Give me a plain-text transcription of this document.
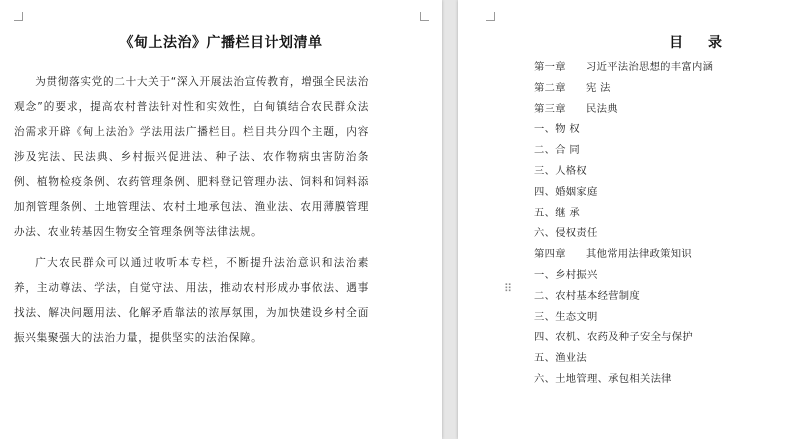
《甸上法治》广播栏目计划清单

为贯彻落实党的二十大关于“深入开展法治宣传教育，增强全民法治观念”的要求，提高农村普法针对性和实效性，白甸镇结合农民群众法治需求开辟《甸上法治》学法用法广播栏目。栏目共分四个主题，内容涉及宪法、民法典、乡村振兴促进法、种子法、农作物病虫害防治条例、植物检疫条例、农药管理条例、肥料登记管理办法、饲料和饲料添加剂管理条例、土地管理法、农村土地承包法、渔业法、农用薄膜管理办法、农业转基因生物安全管理条例等法律法规。

广大农民群众可以通过收听本专栏，不断提升法治意识和法治素养，主动尊法、学法，自觉守法、用法，推动农村形成办事依法、遇事找法、解决问题用法、化解矛盾靠法的浓厚氛围，为加快建设乡村全面振兴集聚强大的法治力量，提供坚实的法治保障。

目 录
第一章 习近平法治思想的丰富内涵
第二章 宪 法
第三章 民法典
一、物 权
二、合 同
三、人格权
四、婚姻家庭
五、继 承
六、侵权责任
第四章 其他常用法律政策知识
一、乡村振兴
二、农村基本经营制度
三、生态文明
四、农机、农药及种子安全与保护
五、渔业法
六、土地管理、承包相关法律
⠿
